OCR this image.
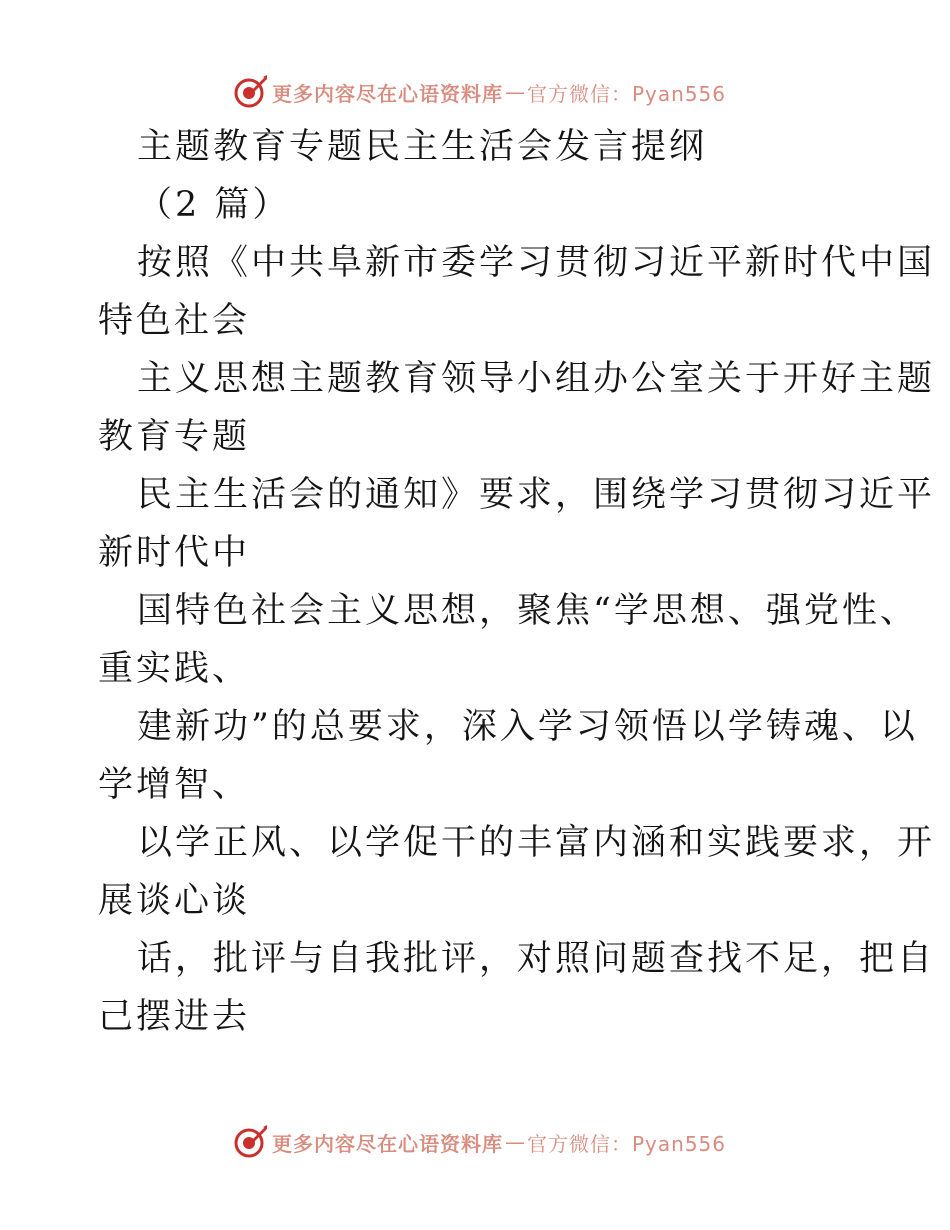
更多内容尽在心语资料库 — 官方微信：Pyan556
主题教育专题民主生活会发言提纲
（2 篇）
按照《中共阜新市委学习贯彻习近平新时代中国
特色社会
主义思想主题教育领导小组办公室关于开好主题
教育专题
民主生活会的通知》要求，围绕学习贯彻习近平
新时代中
国特色社会主义思想，聚焦“学思想、强党性、
重实践、
建新功”的总要求，深入学习领悟以学铸魂、以
学增智、
以学正风、以学促干的丰富内涵和实践要求，开
展谈心谈
话，批评与自我批评，对照问题查找不足，把自
己摆进去
更多内容尽在心语资料库 — 官方微信：Pyan556
